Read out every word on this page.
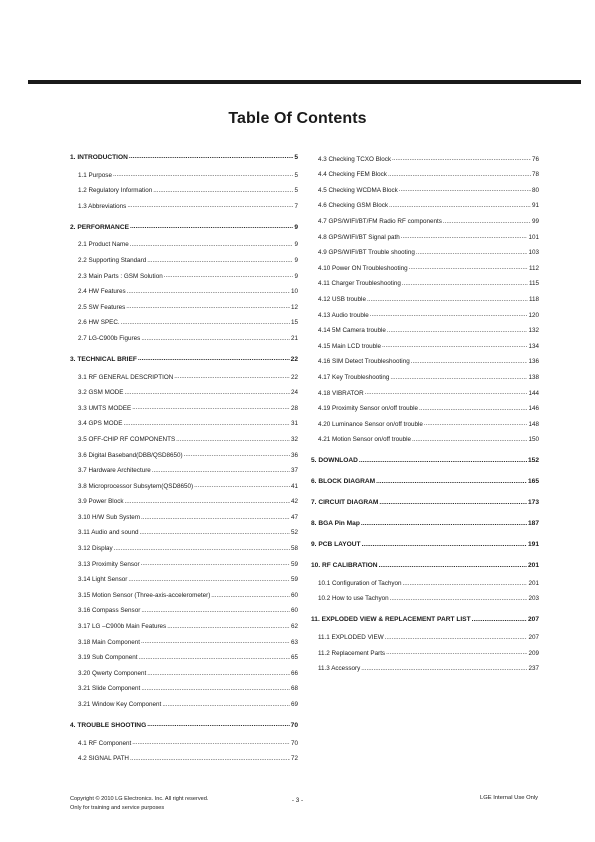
Table Of Contents
1. INTRODUCTION .....	5
1.1 Purpose .....	5
1.2 Regulatory Information .....	5
1.3 Abbreviations .....	7
2. PERFORMANCE .....	9
2.1 Product Name .....	9
2.2 Supporting Standard .....	9
2.3 Main Parts : GSM Solution .....	9
2.4 HW Features .....	10
2.5 SW Features .....	12
2.6 HW SPEC. .....	15
2.7 LG-C900b Figures .....	21
3. TECHNICAL BRIEF .....	22
3.1 RF GENERAL DESCRIPTION .....	22
3.2 GSM MODE .....	24
3.3 UMTS MODEE .....	28
3.4 GPS MODE .....	31
3.5 OFF-CHIP RF COMPONENTS .....	32
3.6 Digital Baseband(DBB/QSD8650) .....	36
3.7 Hardware Architecture .....	37
3.8 Microprocessor Subsytem(QSD8650) .....	41
3.9 Power Block .....	42
3.10 H/W Sub System .....	47
3.11 Audio and sound .....	52
3.12 Display .....	58
3.13 Proximity Sensor .....	59
3.14 Light Sensor .....	59
3.15 Motion Sensor (Three-axis-accelerometer) .....	60
3.16 Compass Sensor .....	60
3.17 LG –C900b Main Features .....	62
3.18 Main Component .....	63
3.19 Sub Component .....	65
3.20 Qwerty Component .....	66
3.21 Slide Component .....	68
3.21 Window Key Component .....	69
4. TROUBLE SHOOTING .....	70
4.1 RF Component .....	70
4.2 SIGNAL PATH .....	72
4.3 Checking TCXO Block .....	76
4.4 Checking FEM Block .....	78
4.5 Checking WCDMA Block .....	80
4.6 Checking GSM Block .....	91
4.7 GPS/WIFI/BT/FM Radio RF components .....	99
4.8 GPS/WIFI/BT Signal path .....	101
4.9 GPS/WIFI/BT Trouble shooting .....	103
4.10 Power ON Troubleshooting .....	112
4.11 Charger Troubleshooting .....	115
4.12 USB trouble .....	118
4.13 Audio trouble .....	120
4.14 5M Camera trouble .....	132
4.15 Main LCD trouble .....	134
4.16 SIM Detect Troubleshooting .....	136
4.17 Key Troubleshooting .....	138
4.18 VIBRATOR .....	144
4.19 Proximity Sensor on/off trouble .....	146
4.20 Luminance Sensor on/off trouble .....	148
4.21 Motion Sensor on/off trouble .....	150
5. DOWNLOAD .....	152
6. BLOCK DIAGRAM .....	165
7. CIRCUIT DIAGRAM .....	173
8. BGA Pin Map .....	187
9. PCB LAYOUT .....	191
10. RF CALIBRATION .....	201
10.1 Configuration of Tachyon .....	201
10.2 How to use Tachyon .....	203
11. EXPLODED VIEW & REPLACEMENT PART LIST .....	207
11.1 EXPLODED VIEW .....	207
11.2 Replacement Parts .....	209
11.3 Accessory .....	237
Copyright © 2010 LG Electronics. Inc. All right reserved.
Only for training and service purposes
- 3 -	LGE Internal Use Only
